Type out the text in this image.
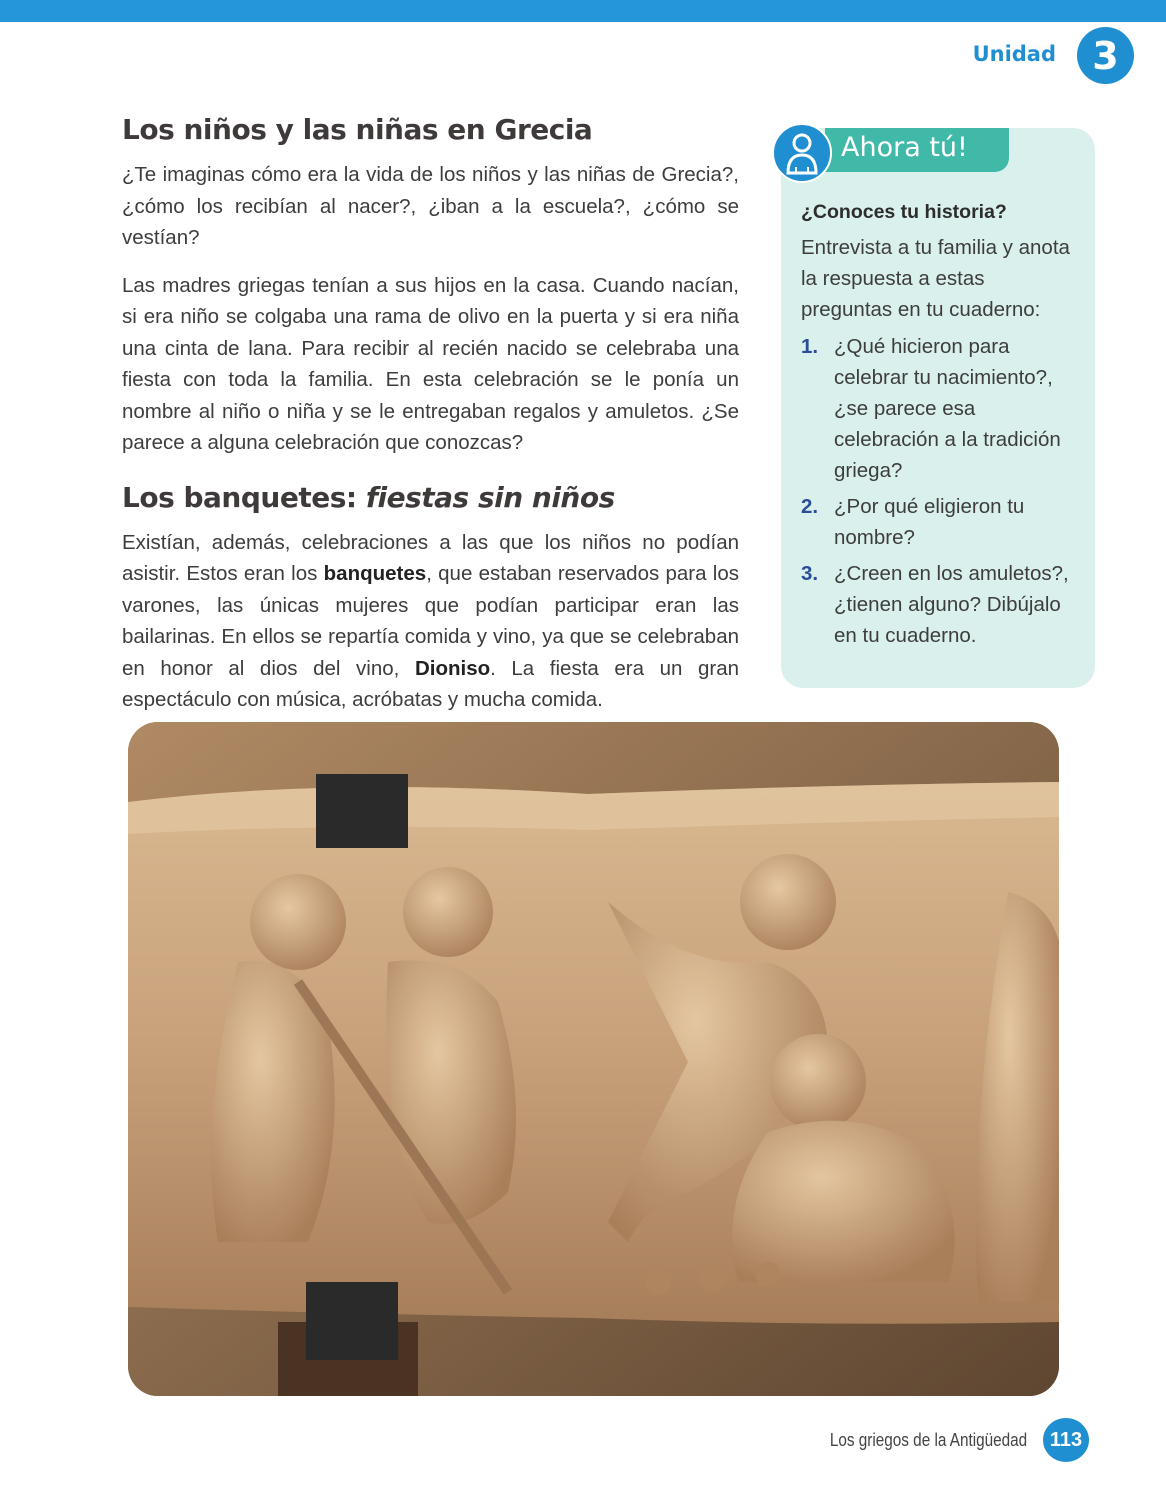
Unidad 3
Los niños y las niñas en Grecia

¿Te imaginas cómo era la vida de los niños y las niñas de Grecia?, ¿cómo los recibían al nacer?, ¿iban a la escuela?, ¿cómo se vestían?

Las madres griegas tenían a sus hijos en la casa. Cuando nacían, si era niño se colgaba una rama de olivo en la puerta y si era niña una cinta de lana. Para recibir al recién nacido se celebraba una fiesta con toda la familia. En esta celebración se le ponía un nombre al niño o niña y se le entregaban regalos y amuletos. ¿Se parece a alguna celebración que conozcas?

Los banquetes: fiestas sin niños

Existían, además, celebraciones a las que los niños no podían asistir. Estos eran los banquetes, que estaban reservados para los varones, las únicas mujeres que podían participar eran las bailarinas. En ellos se repartía comida y vino, ya que se celebraban en honor al dios del vino, Dioniso. La fiesta era un gran espectáculo con música, acróbatas y mucha comida.

Ahora tú!

¿Conoces tu historia?

Entrevista a tu familia y anota la respuesta a estas preguntas en tu cuaderno:

1. ¿Qué hicieron para celebrar tu nacimiento?, ¿se parece esa celebración a la tradición griega?
2. ¿Por qué eligieron tu nombre?
3. ¿Creen en los amuletos?, ¿tienen alguno? Dibújalo en tu cuaderno.
Los griegos de la Antigüedad	113
